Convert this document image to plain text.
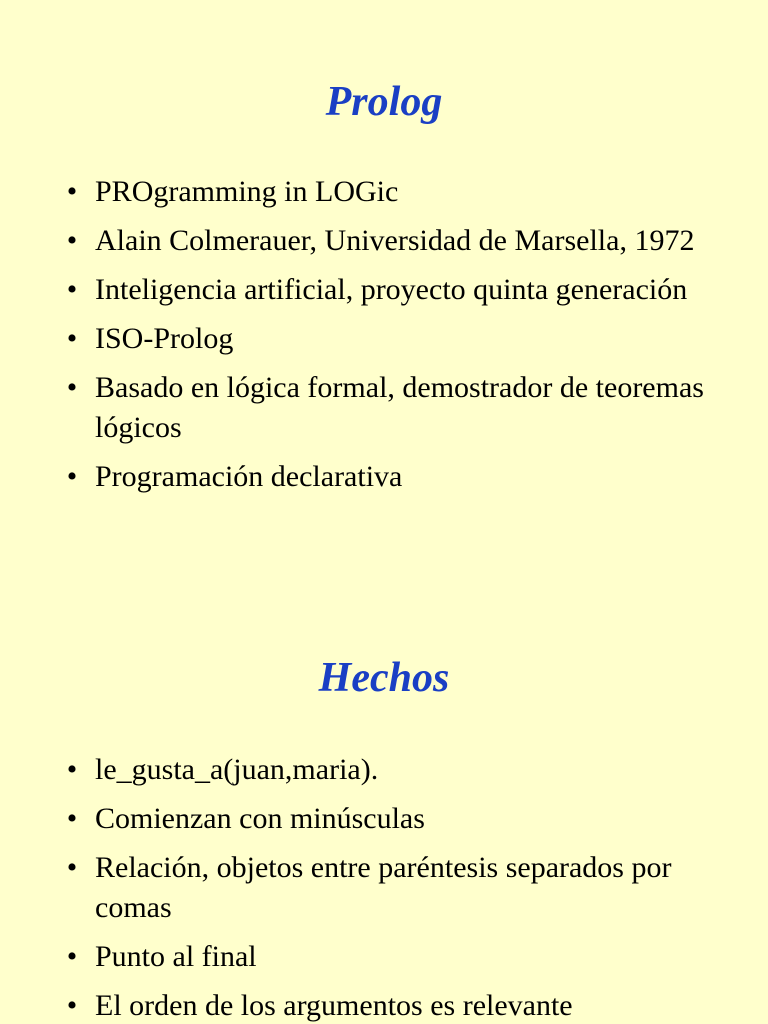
Prolog
• PROgramming in LOGic
• Alain Colmerauer, Universidad de Marsella, 1972
• Inteligencia artificial, proyecto quinta generación
• ISO-Prolog
• Basado en lógica formal, demostrador de teoremas lógicos
• Programación declarativa
Hechos
• le_gusta_a(juan,maria).
• Comienzan con minúsculas
• Relación, objetos entre paréntesis separados por comas
• Punto al final
• El orden de los argumentos es relevante
